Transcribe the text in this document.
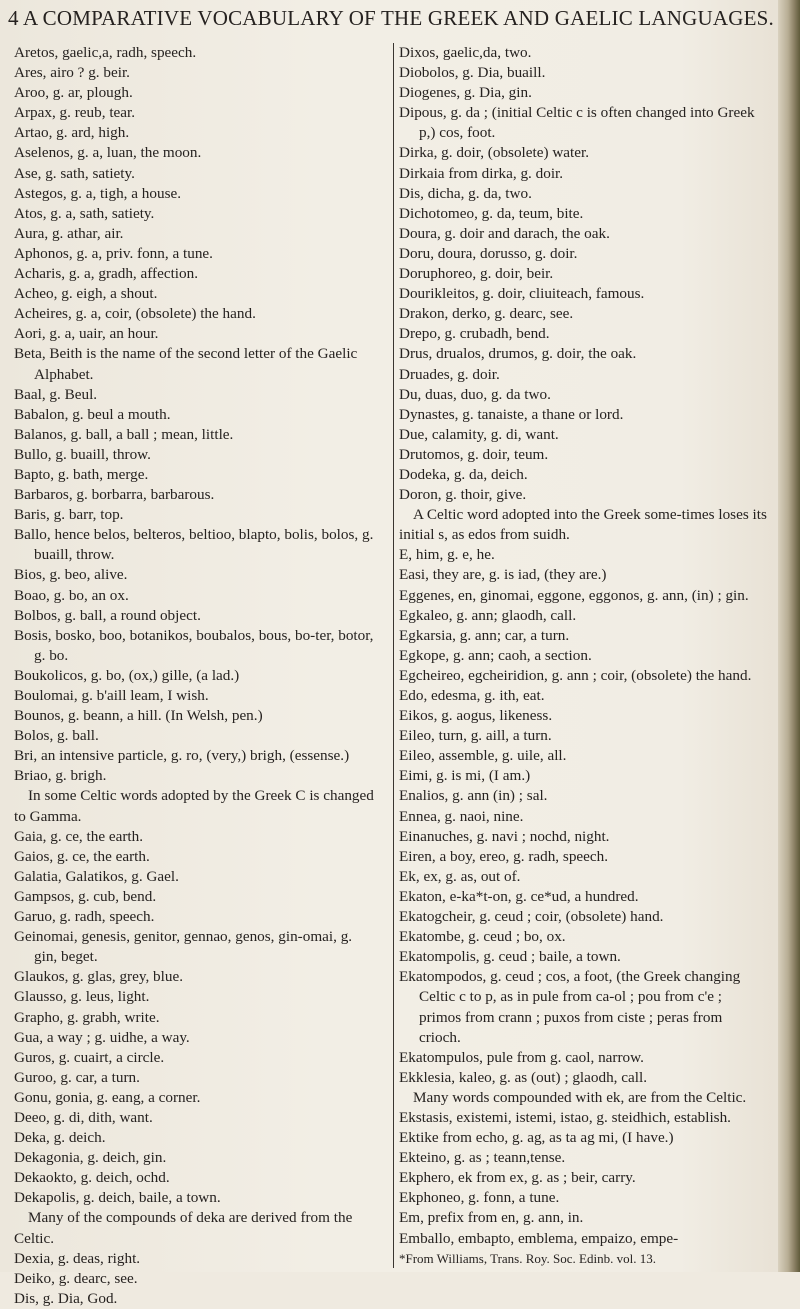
4 A COMPARATIVE VOCABULARY OF THE GREEK AND GAELIC LANGUAGES.

Aretos, gaelic,a, radh, speech.

Ares, airo ? g. beir.

Aroo, g. ar, plough.

Arpax, g. reub, tear.

Artao, g. ard, high.

Aselenos, g. a, luan, the moon.

Ase, g. sath, satiety.

Astegos, g. a, tigh, a house.

Atos, g. a, sath, satiety.

Aura, g. athar, air.

Aphonos, g. a, priv. fonn, a tune.

Acharis, g. a, gradh, affection.

Acheo, g. eigh, a shout.

Acheires, g. a, coir, (obsolete) the hand.

Aori, g. a, uair, an hour.

Beta, Beith is the name of the second letter of the Gaelic Alphabet.

Baal, g. Beul.

Babalon, g. beul a mouth.

Balanos, g. ball, a ball ; mean, little.

Bullo, g. buaill, throw.

Bapto, g. bath, merge.

Barbaros, g. borbarra, barbarous.

Baris, g. barr, top.

Ballo, hence belos, belteros, beltioo, blapto, bolis, bolos, g. buaill, throw.

Bios, g. beo, alive.

Boao, g. bo, an ox.

Bolbos, g. ball, a round object.

Bosis, bosko, boo, botanikos, boubalos, bous, bo-ter, botor, g. bo.

Boukolicos, g. bo, (ox,) gille, (a lad.)

Boulomai, g. b'aill leam, I wish.

Bounos, g. beann, a hill. (In Welsh, pen.)

Bolos, g. ball.

Bri, an intensive particle, g. ro, (very,) brigh, (essense.)

Briao, g. brigh.

In some Celtic words adopted by the Greek C is changed to Gamma.

Gaia, g. ce, the earth.

Gaios, g. ce, the earth.

Galatia, Galatikos, g. Gael.

Gampsos, g. cub, bend.

Garuo, g. radh, speech.

Geinomai, genesis, genitor, gennao, genos, gin-omai, g. gin, beget.

Glaukos, g. glas, grey, blue.

Glausso, g. leus, light.

Grapho, g. grabh, write.

Gua, a way ; g. uidhe, a way.

Guros, g. cuairt, a circle.

Guroo, g. car, a turn.

Gonu, gonia, g. eang, a corner.

Deeo, g. di, dith, want.

Deka, g. deich.

Dekagonia, g. deich, gin.

Dekaokto, g. deich, ochd.

Dekapolis, g. deich, baile, a town.

Many of the compounds of deka are derived from the Celtic.

Dexia, g. deas, right.

Deiko, g. dearc, see.

Dis, g. Dia, God.

Dixos, gaelic,da, two.

Diobolos, g. Dia, buaill.

Diogenes, g. Dia, gin.

Dipous, g. da ; (initial Celtic c is often changed into Greek p,) cos, foot.

Dirka, g. doir, (obsolete) water.

Dirkaia from dirka, g. doir.

Dis, dicha, g. da, two.

Dichotomeo, g. da, teum, bite.

Doura, g. doir and darach, the oak.

Doru, doura, dorusso, g. doir.

Doruphoreo, g. doir, beir.

Dourikleitos, g. doir, cliuiteach, famous.

Drakon, derko, g. dearc, see.

Drepo, g. crubadh, bend.

Drus, drualos, drumos, g. doir, the oak.

Druades, g. doir.

Du, duas, duo, g. da two.

Dynastes, g. tanaiste, a thane or lord.

Due, calamity, g. di, want.

Drutomos, g. doir, teum.

Dodeka, g. da, deich.

Doron, g. thoir, give.

A Celtic word adopted into the Greek some-times loses its initial s, as edos from suidh.

E, him, g. e, he.

Easi, they are, g. is iad, (they are.)

Eggenes, en, ginomai, eggone, eggonos, g. ann, (in) ; gin.

Egkaleo, g. ann; glaodh, call.

Egkarsia, g. ann; car, a turn.

Egkope, g. ann; caoh, a section.

Egcheireo, egcheiridion, g. ann ; coir, (obsolete) the hand.

Edo, edesma, g. ith, eat.

Eikos, g. aogus, likeness.

Eileo, turn, g. aill, a turn.

Eileo, assemble, g. uile, all.

Eimi, g. is mi, (I am.)

Enalios, g. ann (in) ; sal.

Ennea, g. naoi, nine.

Einanuches, g. navi ; nochd, night.

Eiren, a boy, ereo, g. radh, speech.

Ek, ex, g. as, out of.

Ekaton, e-ka*t-on, g. ce*ud, a hundred.

Ekatogcheir, g. ceud ; coir, (obsolete) hand.

Ekatombe, g. ceud ; bo, ox.

Ekatompolis, g. ceud ; baile, a town.

Ekatompodos, g. ceud ; cos, a foot, (the Greek changing Celtic c to p, as in pule from ca-ol ; pou from c'e ; primos from crann ; puxos from ciste ; peras from crioch.

Ekatompulos, pule from g. caol, narrow.

Ekklesia, kaleo, g. as (out) ; glaodh, call.

Many words compounded with ek, are from the Celtic.

Ekstasis, existemi, istemi, istao, g. steidhich, establish.

Ektike from echo, g. ag, as ta ag mi, (I have.)

Ekteino, g. as ; teann,tense.

Ekphero, ek from ex, g. as ; beir, carry.

Ekphoneo, g. fonn, a tune.

Em, prefix from en, g. ann, in.

Emballo, embapto, emblema, empaizo, empe-

*From Williams, Trans. Roy. Soc. Edinb. vol. 13.
